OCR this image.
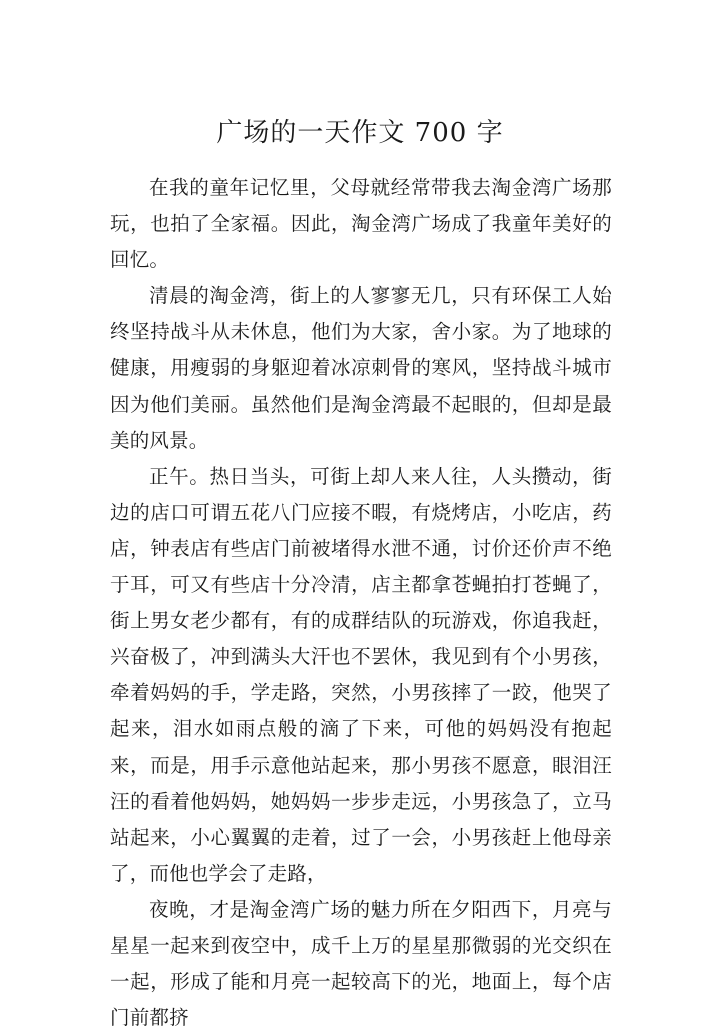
广场的一天作文 700 字

在我的童年记忆里，父母就经常带我去淘金湾广场那玩，也拍了全家福。因此，淘金湾广场成了我童年美好的回忆。

清晨的淘金湾，街上的人寥寥无几，只有环保工人始终坚持战斗从未休息，他们为大家，舍小家。为了地球的健康，用瘦弱的身躯迎着冰凉刺骨的寒风，坚持战斗城市因为他们美丽。虽然他们是淘金湾最不起眼的，但却是最美的风景。

正午。热日当头，可街上却人来人往，人头攒动，街边的店口可谓五花八门应接不暇，有烧烤店，小吃店，药店，钟表店有些店门前被堵得水泄不通，讨价还价声不绝于耳，可又有些店十分冷清，店主都拿苍蝇拍打苍蝇了，街上男女老少都有，有的成群结队的玩游戏，你追我赶，兴奋极了，冲到满头大汗也不罢休，我见到有个小男孩，牵着妈妈的手，学走路，突然，小男孩摔了一跤，他哭了起来，泪水如雨点般的滴了下来，可他的妈妈没有抱起来，而是，用手示意他站起来，那小男孩不愿意，眼泪汪汪的看着他妈妈，她妈妈一步步走远，小男孩急了，立马站起来，小心翼翼的走着，过了一会，小男孩赶上他母亲了，而他也学会了走路，

夜晚，才是淘金湾广场的魅力所在夕阳西下，月亮与星星一起来到夜空中，成千上万的星星那微弱的光交织在一起，形成了能和月亮一起较高下的光，地面上，每个店门前都挤
